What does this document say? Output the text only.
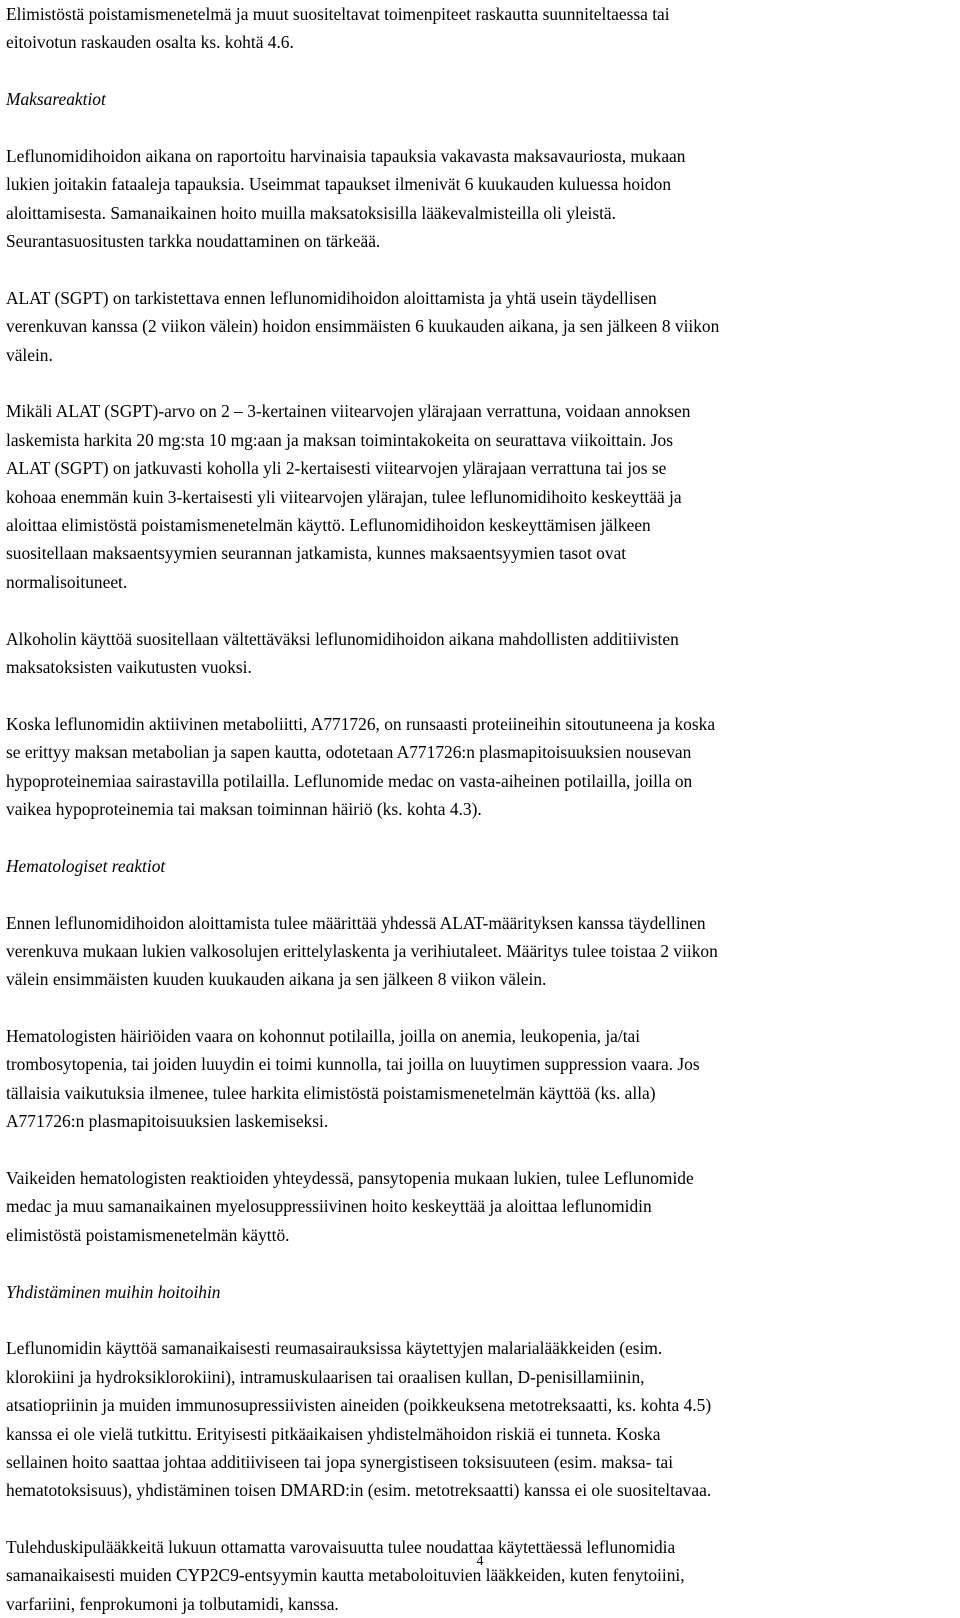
Elimistöstä poistamismenetelmä ja muut suositeltavat toimenpiteet raskautta suunniteltaessa tai
eitoivotun raskauden osalta ks. kohtä 4.6.
Maksareaktiot
Leflunomidihoidon aikana on raportoitu harvinaisia tapauksia vakavasta maksavauriosta, mukaan
lukien joitakin fataaleja tapauksia. Useimmat tapaukset ilmenivät 6 kuukauden kuluessa hoidon
aloittamisesta. Samanaikainen hoito muilla maksatoksisilla lääkevalmisteilla oli yleistä.
Seurantasuositusten tarkka noudattaminen on tärkeää.
ALAT (SGPT) on tarkistettava ennen leflunomidihoidon aloittamista ja yhtä usein täydellisen
verenkuvan kanssa (2 viikon välein) hoidon ensimmäisten 6 kuukauden aikana, ja sen jälkeen 8 viikon
välein.
Mikäli ALAT (SGPT)-arvo on 2 – 3-kertainen viitearvojen ylärajaan verrattuna, voidaan annoksen
laskemista harkita 20 mg:sta 10 mg:aan ja maksan toimintakokeita on seurattava viikoittain. Jos
ALAT (SGPT) on jatkuvasti koholla yli 2-kertaisesti viitearvojen ylärajaan verrattuna tai jos se
kohoaa enemmän kuin 3-kertaisesti yli viitearvojen ylärajan, tulee leflunomidihoito keskeyttää ja
aloittaa elimistöstä poistamismenetelmän käyttö. Leflunomidihoidon keskeyttämisen jälkeen
suositellaan maksaentsyymien seurannan jatkamista, kunnes maksaentsyymien tasot ovat
normalisoituneet.
Alkoholin käyttöä suositellaan vältettäväksi leflunomidihoidon aikana mahdollisten additiivisten
maksatoksisten vaikutusten vuoksi.
Koska leflunomidin aktiivinen metaboliitti, A771726, on runsaasti proteiineihin sitoutuneena ja koska
se erittyy maksan metabolian ja sapen kautta, odotetaan A771726:n plasmapitoisuuksien nousevan
hypoproteinemiaa sairastavilla potilailla. Leflunomide medac on vasta-aiheinen potilailla, joilla on
vaikea hypoproteinemia tai maksan toiminnan häiriö (ks. kohta 4.3).
Hematologiset reaktiot
Ennen leflunomidihoidon aloittamista tulee määrittää yhdessä ALAT-määrityksen kanssa täydellinen
verenkuva mukaan lukien valkosolujen erittelylaskenta ja verihiutaleet. Määritys tulee toistaa 2 viikon
välein ensimmäisten kuuden kuukauden aikana ja sen jälkeen 8 viikon välein.
Hematologisten häiriöiden vaara on kohonnut potilailla, joilla on anemia, leukopenia, ja/tai
trombosytopenia, tai joiden luuydin ei toimi kunnolla, tai joilla on luuytimen suppression vaara. Jos
tällaisia vaikutuksia ilmenee, tulee harkita elimistöstä poistamismenetelmän käyttöä (ks. alla)
A771726:n plasmapitoisuuksien laskemiseksi.
Vaikeiden hematologisten reaktioiden yhteydessä, pansytopenia mukaan lukien, tulee Leflunomide
medac ja muu samanaikainen myelosuppressiivinen hoito keskeyttää ja aloittaa leflunomidin
elimistöstä poistamismenetelmän käyttö.
Yhdistäminen muihin hoitoihin
Leflunomidin käyttöä samanaikaisesti reumasairauksissa käytettyjen malarialääkkeiden (esim.
klorokiini ja hydroksiklorokiini), intramuskulaarisen tai oraalisen kullan, D-penisillamiinin,
atsatiopriinin ja muiden immunosupressiivisten aineiden (poikkeuksena metotreksaatti, ks. kohta 4.5)
kanssa ei ole vielä tutkittu. Erityisesti pitkäaikaisen yhdistelmähoidon riskiä ei tunneta. Koska
sellainen hoito saattaa johtaa additiiviseen tai jopa synergistiseen toksisuuteen (esim. maksa- tai
hematotoksisuus), yhdistäminen toisen DMARD:in (esim. metotreksaatti) kanssa ei ole suositeltavaa.
Tulehduskipulääkkeitä lukuun ottamatta varovaisuutta tulee noudattaa käytettäessä leflunomidia
samanaikaisesti muiden CYP2C9-entsyymin kautta metaboloituvien lääkkeiden, kuten fenytoiini,
varfariini, fenprokumoni ja tolbutamidi, kanssa.
4
